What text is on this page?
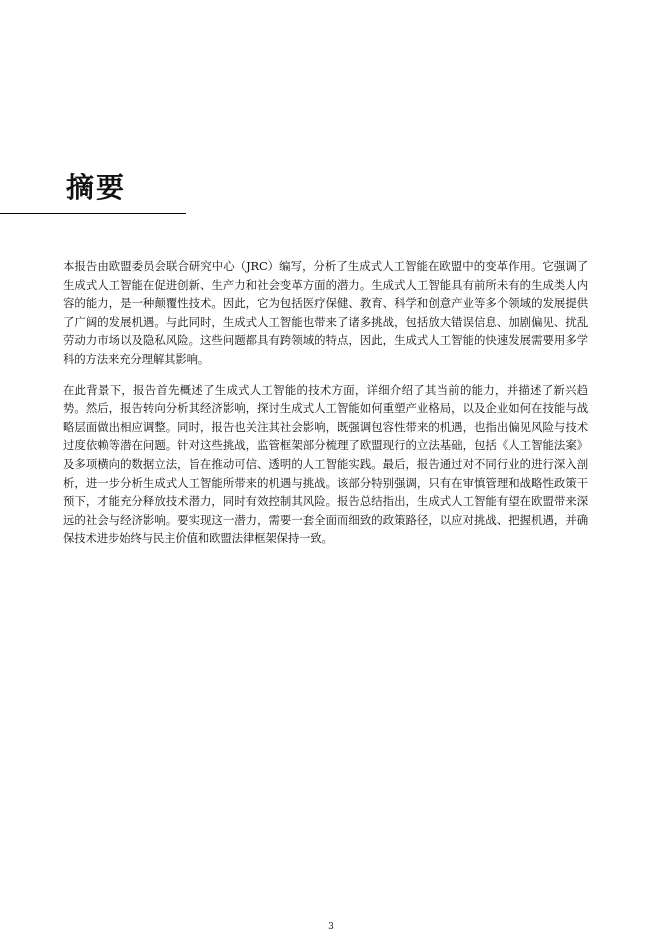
摘要

本报告由欧盟委员会联合研究中心（JRC）编写，分析了生成式人工智能在欧盟中的变革作用。它强调了生成式人工智能在促进创新、生产力和社会变革方面的潜力。生成式人工智能具有前所未有的生成类人内容的能力，是一种颠覆性技术。因此，它为包括医疗保健、教育、科学和创意产业等多个领域的发展提供了广阔的发展机遇。与此同时，生成式人工智能也带来了诸多挑战，包括放大错误信息、加剧偏见、扰乱劳动力市场以及隐私风险。这些问题都具有跨领域的特点，因此，生成式人工智能的快速发展需要用多学科的方法来充分理解其影响。

在此背景下，报告首先概述了生成式人工智能的技术方面，详细介绍了其当前的能力，并描述了新兴趋势。然后，报告转向分析其经济影响，探讨生成式人工智能如何重塑产业格局，以及企业如何在技能与战略层面做出相应调整。同时，报告也关注其社会影响，既强调包容性带来的机遇，也指出偏见风险与技术过度依赖等潜在问题。针对这些挑战，监管框架部分梳理了欧盟现行的立法基础，包括《人工智能法案》及多项横向的数据立法，旨在推动可信、透明的人工智能实践。最后，报告通过对不同行业的进行深入剖析，进一步分析生成式人工智能所带来的机遇与挑战。该部分特别强调，只有在审慎管理和战略性政策干预下，才能充分释放技术潜力，同时有效控制其风险。报告总结指出，生成式人工智能有望在欧盟带来深远的社会与经济影响。要实现这一潜力，需要一套全面而细致的政策路径，以应对挑战、把握机遇，并确保技术进步始终与民主价值和欧盟法律框架保持一致。

3
